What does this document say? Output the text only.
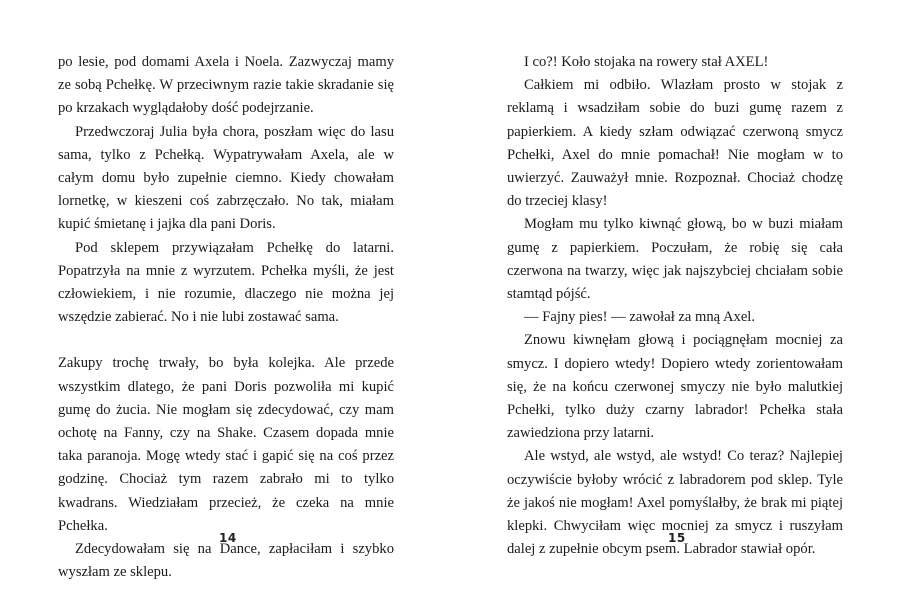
po lesie, pod domami Axela i Noela. Zazwyczaj mamy ze sobą Pchełkę. W przeciwnym razie takie skradanie się po krzakach wyglądałoby dość podejrzanie.

Przedwczoraj Julia była chora, poszłam więc do lasu sama, tylko z Pchełką. Wypatrywałam Axela, ale w całym domu było zupełnie ciemno. Kiedy chowałam lornetkę, w kieszeni coś zabrzęczało. No tak, miałam kupić śmietanę i jajka dla pani Doris.

Pod sklepem przywiązałam Pchełkę do latarni. Popatrzyła na mnie z wyrzutem. Pchełka myśli, że jest człowiekiem, i nie rozumie, dlaczego nie można jej wszędzie zabierać. No i nie lubi zostawać sama.

Zakupy trochę trwały, bo była kolejka. Ale przede wszystkim dlatego, że pani Doris pozwoliła mi kupić gumę do żucia. Nie mogłam się zdecydować, czy mam ochotę na Fanny, czy na Shake. Czasem dopada mnie taka paranoja. Mogę wtedy stać i gapić się na coś przez godzinę. Chociaż tym razem zabrało mi to tylko kwadrans. Wiedziałam przecież, że czeka na mnie Pchełka.

Zdecydowałam się na Dance, zapłaciłam i szybko wyszłam ze sklepu.

14

I co?! Koło stojaka na rowery stał AXEL!

Całkiem mi odbiło. Wlazłam prosto w stojak z reklamą i wsadziłam sobie do buzi gumę razem z papierkiem. A kiedy szłam odwiązać czerwoną smycz Pchełki, Axel do mnie pomachał! Nie mogłam w to uwierzyć. Zauważył mnie. Rozpoznał. Chociaż chodzę do trzeciej klasy!

Mogłam mu tylko kiwnąć głową, bo w buzi miałam gumę z papierkiem. Poczułam, że robię się cała czerwona na twarzy, więc jak najszybciej chciałam sobie stamtąd pójść.

— Fajny pies! — zawołał za mną Axel.

Znowu kiwnęłam głową i pociągnęłam mocniej za smycz. I dopiero wtedy! Dopiero wtedy zorientowałam się, że na końcu czerwonej smyczy nie było malutkiej Pchełki, tylko duży czarny labrador! Pchełka stała zawiedziona przy latarni.

Ale wstyd, ale wstyd, ale wstyd! Co teraz? Najlepiej oczywiście byłoby wrócić z labradorem pod sklep. Tyle że jakoś nie mogłam! Axel pomyślałby, że brak mi piątej klepki. Chwyciłam więc mocniej za smycz i ruszyłam dalej z zupełnie obcym psem. Labrador stawiał opór.

15
